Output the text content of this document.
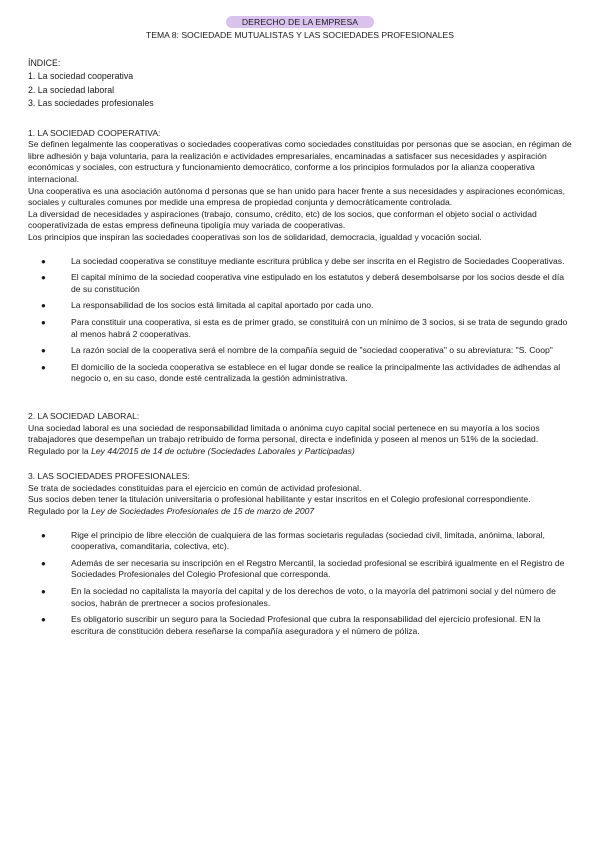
DERECHO DE LA EMPRESA
TEMA 8: SOCIEDADE MUTUALISTAS Y LAS SOCIEDADES PROFESIONALES
ÍNDICE:
1. La sociedad cooperativa
2. La sociedad laboral
3. Las sociedades profesionales
1. LA SOCIEDAD COOPERATIVA:

Se definen legalmente las cooperativas o sociedades cooperativas como sociedades constituidas por personas que se asocian, en régiman de libre adhesión y baja voluntaria, para la realización e actividades empresariales, encaminadas a satisfacer sus necesidades y aspiración económicas y sociales, con estructura y funcionamiento democrático, conforme a los principios formulados por la alianza cooperativa internacional.

Una cooperativa es una asociación autónoma d personas que se han unido para hacer frente a sus necesidades y aspiraciones económicas, sociales y culturales comunes por medide una empresa de propiedad conjunta y democráticamente controlada.

La diversidad de necesidades y aspiraciones (trabajo, consumo, crédito, etc) de los socios, que conforman el objeto social o actividad cooperativizada de estas empress defineuna tipoligía muy variada de cooperativas.

Los principios que inspiran las sociedades cooperativas son los de solidaridad, democracia, igualdad y vocación social.

●	La sociedad cooperativa se constituye mediante escritura prública y debe ser inscrita en el Registro de Sociedades Cooperativas.
●	El capital mínimo de la sociedad cooperativa vine estipulado en los estatutos y deberá desembolsarse por los socios desde el día de su constitución
●	La responsabilidad de los socios está limitada al capital aportado por cada uno.
●	Para constituir una cooperativa, si esta es de primer grado, se constituirá con un mínimo de 3 socios, si se trata de segundo grado al menos habrá 2 cooperativas.
●	La razón social de la cooperativa será el nombre de la compañía seguid de "sociedad cooperativa" o su abreviatura: "S. Coop"
●	El domicilio de la socieda cooperativa se establece en el lugar donde se realice la principalmente las actividades de adhendas al negocio o, en su caso, donde esté centralizada la gestión administrativa.
2. LA SOCIEDAD LABORAL:

Una sociedad laboral es una sociedad de responsabilidad limitada o anónima cuyo capital social pertenece en su mayoría a los socios trabajadores que desempeñan un trabajo retribuido de forma personal, directa e indefinida y poseen al menos un 51% de la sociedad.

Regulado por la Ley 44/2015 de 14 de octubre (Sociedades Laborales y Participadas)

3. LAS SOCIEDADES PROFESIONALES:

Se trata de sociedades constituidas para el ejercicio en común de actividad profesional.

Sus socios deben tener la titulación universitaria o profesional habilitante y estar inscritos en el Colegio profesional correspondiente.

Regulado por la Ley de Sociedades Profesionales de 15 de marzo de 2007

●	Rige el principio de libre elección de cualquiera de las formas societaris reguladas (sociedad civil, limitada, anónima, laboral, cooperativa, comanditaria, colectiva, etc).
●	Además de ser necesaria su inscripción en el Regstro Mercantil, la sociedad profesional se escribirá igualmente en el Registro de Sociedades Profesionales del Colegio Profesional que corresponda.
●	En la sociedad no capitalista la mayoría del capital y de los derechos de voto, o la mayoría del patrimoni social y del número de socios, habrán de prertnecer a socios profesionales.
●	Es obligatorio suscribir un seguro para la Sociedad Profesional que cubra la responsabilidad del ejercicio profesional. EN la escritura de constitución debera reseñarse la compañía aseguradora y el número de póliza.
